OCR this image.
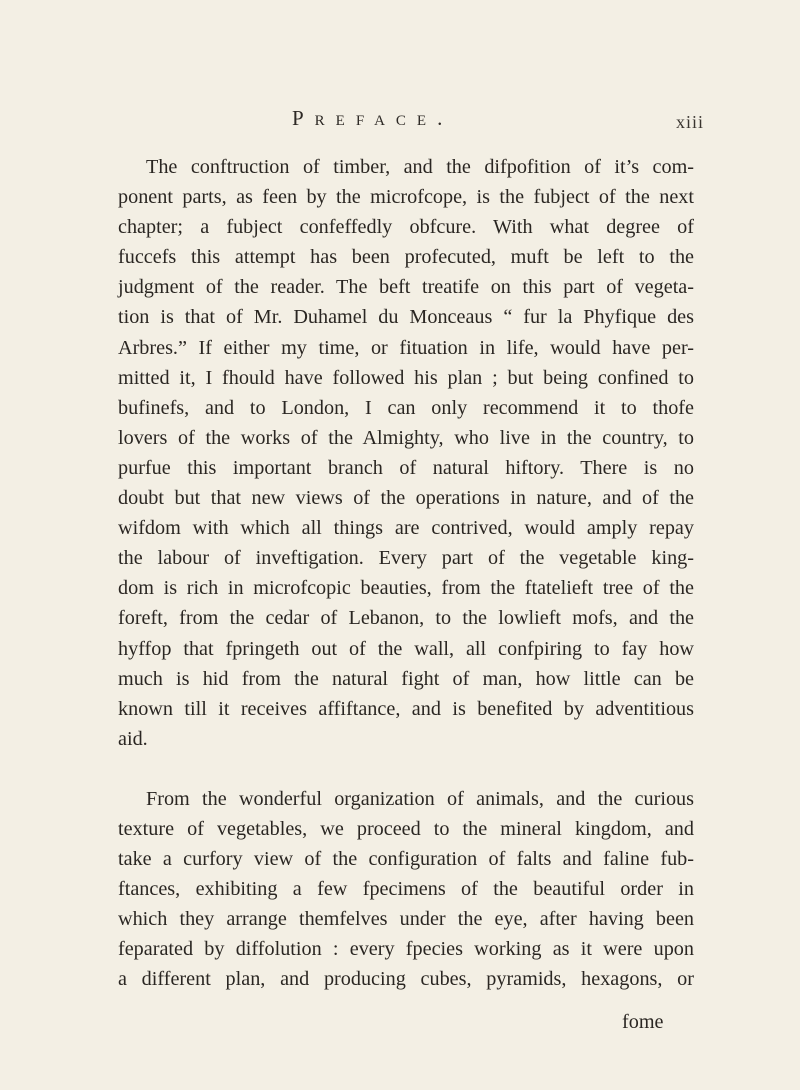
Preface.	xiii
The conftruction of timber, and the difpofition of it’s com-
ponent parts, as feen by the microfcope, is the fubject of the next
chapter; a fubject confeffedly obfcure. With what degree of
fuccefs this attempt has been profecuted, muft be left to the
judgment of the reader. The beft treatife on this part of vegeta-
tion is that of Mr. Duhamel du Monceaus “ fur la Phyfique des
Arbres.” If either my time, or fituation in life, would have per-
mitted it, I fhould have followed his plan ; but being confined to
bufinefs, and to London, I can only recommend it to thofe
lovers of the works of the Almighty, who live in the country, to
purfue this important branch of natural hiftory. There is no
doubt but that new views of the operations in nature, and of the
wifdom with which all things are contrived, would amply repay
the labour of inveftigation. Every part of the vegetable king-
dom is rich in microfcopic beauties, from the ftatelieft tree of the
foreft, from the cedar of Lebanon, to the lowlieft mofs, and the
hyffop that fpringeth out of the wall, all confpiring to fay how
much is hid from the natural fight of man, how little can be
known till it receives affiftance, and is benefited by adventitious
aid.
From the wonderful organization of animals, and the curious
texture of vegetables, we proceed to the mineral kingdom, and
take a curfory view of the configuration of falts and faline fub-
ftances, exhibiting a few fpecimens of the beautiful order in
which they arrange themfelves under the eye, after having been
feparated by diffolution : every fpecies working as it were upon
a different plan, and producing cubes, pyramids, hexagons, or
fome
